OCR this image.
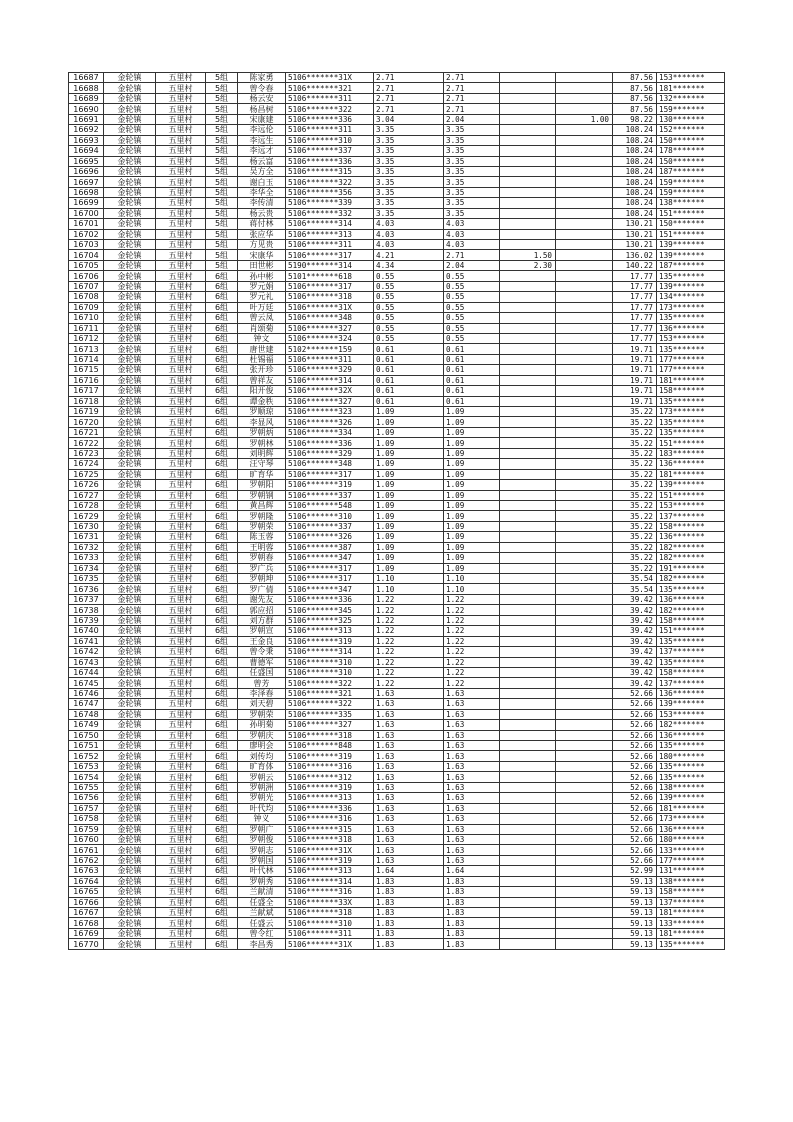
16687	金轮镇	五里村	5组	陈家勇	5106*******31X	2.71	2.71			87.56	153*******
16688	金轮镇	五里村	5组	曾令春	5106*******321	2.71	2.71			87.56	181*******
16689	金轮镇	五里村	5组	杨云安	5106*******311	2.71	2.71			87.56	132*******
16690	金轮镇	五里村	5组	杨昌树	5106*******322	2.71	2.71			87.56	159*******
16691	金轮镇	五里村	5组	宋康建	5106*******336	3.04	2.04		1.00	98.22	130*******
16692	金轮镇	五里村	5组	李远伦	5106*******311	3.35	3.35			108.24	152*******
16693	金轮镇	五里村	5组	李远生	5106*******310	3.35	3.35			108.24	150*******
16694	金轮镇	五里村	5组	李远才	5106*******337	3.35	3.35			108.24	178*******
16695	金轮镇	五里村	5组	杨云富	5106*******336	3.35	3.35			108.24	150*******
16696	金轮镇	五里村	5组	吴方全	5106*******315	3.35	3.35			108.24	187*******
16697	金轮镇	五里村	5组	谢白玉	5106*******322	3.35	3.35			108.24	159*******
16698	金轮镇	五里村	5组	李华全	5106*******356	3.35	3.35			108.24	159*******
16699	金轮镇	五里村	5组	李传清	5106*******339	3.35	3.35			108.24	138*******
16700	金轮镇	五里村	5组	杨云贵	5106*******332	3.35	3.35			108.24	151*******
16701	金轮镇	五里村	5组	蒋付林	5106*******314	4.03	4.03			130.21	150*******
16702	金轮镇	五里村	5组	张应华	5106*******313	4.03	4.03			130.21	151*******
16703	金轮镇	五里村	5组	方见贵	5106*******311	4.03	4.03			130.21	139*******
16704	金轮镇	五里村	5组	宋康华	5106*******317	4.21	2.71	1.50		136.02	139*******
16705	金轮镇	五里村	5组	田世彬	5190*******314	4.34	2.04	2.30		140.22	187*******
16706	金轮镇	五里村	6组	孙中彬	5101*******618	0.55	0.55			17.77	135*******
16707	金轮镇	五里村	6组	罗元娟	5106*******317	0.55	0.55			17.77	139*******
16708	金轮镇	五里村	6组	罗元礼	5106*******318	0.55	0.55			17.77	134*******
16709	金轮镇	五里村	6组	叶万廷	5106*******31X	0.55	0.55			17.77	173*******
16710	金轮镇	五里村	6组	曾云凤	5106*******348	0.55	0.55			17.77	135*******
16711	金轮镇	五里村	6组	肖颂菊	5106*******327	0.55	0.55			17.77	136*******
16712	金轮镇	五里村	6组	钟文	5106*******324	0.55	0.55			17.77	153*******
16713	金轮镇	五里村	6组	唐世建	5102*******159	0.61	0.61			19.71	135*******
16714	金轮镇	五里村	6组	杜锡福	5106*******311	0.61	0.61			19.71	177*******
16715	金轮镇	五里村	6组	张开珍	5106*******329	0.61	0.61			19.71	177*******
16716	金轮镇	五里村	6组	曾祥友	5106*******314	0.61	0.61			19.71	181*******
16717	金轮镇	五里村	6组	阳开俊	5106*******32X	0.61	0.61			19.71	158*******
16718	金轮镇	五里村	6组	谭金秩	5106*******327	0.61	0.61			19.71	135*******
16719	金轮镇	五里村	6组	罗顺琼	5106*******323	1.09	1.09			35.22	173*******
16720	金轮镇	五里村	6组	李显风	5106*******326	1.09	1.09			35.22	135*******
16721	金轮镇	五里村	6组	罗朝炳	5106*******334	1.09	1.09			35.22	135*******
16722	金轮镇	五里村	6组	罗朝林	5106*******336	1.09	1.09			35.22	151*******
16723	金轮镇	五里村	6组	刘明辉	5106*******329	1.09	1.09			35.22	183*******
16724	金轮镇	五里村	6组	汪守琴	5106*******348	1.09	1.09			35.22	136*******
16725	金轮镇	五里村	6组	旷育华	5106*******317	1.09	1.09			35.22	181*******
16726	金轮镇	五里村	6组	罗朝阳	5106*******319	1.09	1.09			35.22	139*******
16727	金轮镇	五里村	6组	罗朝钢	5106*******337	1.09	1.09			35.22	151*******
16728	金轮镇	五里村	6组	黄昌辉	5106*******548	1.09	1.09			35.22	153*******
16729	金轮镇	五里村	6组	罗朝隆	5106*******310	1.09	1.09			35.22	137*******
16730	金轮镇	五里村	6组	罗朝荣	5106*******337	1.09	1.09			35.22	158*******
16731	金轮镇	五里村	6组	陈玉蓉	5106*******326	1.09	1.09			35.22	136*******
16732	金轮镇	五里村	6组	王明蓉	5106*******387	1.09	1.09			35.22	182*******
16733	金轮镇	五里村	6组	罗朝春	5106*******347	1.09	1.09			35.22	182*******
16734	金轮镇	五里村	6组	罗广兵	5106*******317	1.09	1.09			35.22	191*******
16735	金轮镇	五里村	6组	罗朝坤	5106*******317	1.10	1.10			35.54	182*******
16736	金轮镇	五里村	6组	罗广倩	5106*******347	1.10	1.10			35.54	135*******
16737	金轮镇	五里村	6组	谢先友	5106*******336	1.22	1.22			39.42	136*******
16738	金轮镇	五里村	6组	郭应招	5106*******345	1.22	1.22			39.42	182*******
16739	金轮镇	五里村	6组	刘方群	5106*******325	1.22	1.22			39.42	158*******
16740	金轮镇	五里村	6组	罗朝宣	5106*******313	1.22	1.22			39.42	151*******
16741	金轮镇	五里村	6组	王金良	5106*******319	1.22	1.22			39.42	135*******
16742	金轮镇	五里村	6组	曾令秉	5106*******314	1.22	1.22			39.42	137*******
16743	金轮镇	五里村	6组	曹德军	5106*******310	1.22	1.22			39.42	135*******
16744	金轮镇	五里村	6组	任盛国	5106*******310	1.22	1.22			39.42	158*******
16745	金轮镇	五里村	6组	曾芳	5106*******322	1.22	1.22			39.42	137*******
16746	金轮镇	五里村	6组	李泽春	5106*******321	1.63	1.63			52.66	136*******
16747	金轮镇	五里村	6组	刘天碧	5106*******322	1.63	1.63			52.66	139*******
16748	金轮镇	五里村	6组	罗朝荣	5106*******335	1.63	1.63			52.66	153*******
16749	金轮镇	五里村	6组	孙明菊	5106*******327	1.63	1.63			52.66	182*******
16750	金轮镇	五里村	6组	罗朝庆	5106*******318	1.63	1.63			52.66	136*******
16751	金轮镇	五里村	6组	廖明会	5106*******848	1.63	1.63			52.66	135*******
16752	金轮镇	五里村	6组	刘传均	5106*******319	1.63	1.63			52.66	180*******
16753	金轮镇	五里村	6组	旷育体	5106*******316	1.63	1.63			52.66	135*******
16754	金轮镇	五里村	6组	罗朝云	5106*******312	1.63	1.63			52.66	135*******
16755	金轮镇	五里村	6组	罗朝洲	5106*******319	1.63	1.63			52.66	138*******
16756	金轮镇	五里村	6组	罗朝光	5106*******313	1.63	1.63			52.66	139*******
16757	金轮镇	五里村	6组	叶代均	5106*******336	1.63	1.63			52.66	181*******
16758	金轮镇	五里村	6组	钟义	5106*******316	1.63	1.63			52.66	173*******
16759	金轮镇	五里村	6组	罗朝广	5106*******315	1.63	1.63			52.66	136*******
16760	金轮镇	五里村	6组	罗朝俊	5106*******318	1.63	1.63			52.66	180*******
16761	金轮镇	五里村	6组	罗朝志	5106*******31X	1.63	1.63			52.66	133*******
16762	金轮镇	五里村	6组	罗朝国	5106*******319	1.63	1.63			52.66	177*******
16763	金轮镇	五里村	6组	叶代林	5106*******313	1.64	1.64			52.99	131*******
16764	金轮镇	五里村	6组	罗朝秀	5106*******314	1.83	1.83			59.13	138*******
16765	金轮镇	五里村	6组	兰献清	5106*******316	1.83	1.83			59.13	158*******
16766	金轮镇	五里村	6组	任盛全	5106*******33X	1.83	1.83			59.13	137*******
16767	金轮镇	五里村	6组	兰献斌	5106*******318	1.83	1.83			59.13	181*******
16768	金轮镇	五里村	6组	任盛云	5106*******310	1.83	1.83			59.13	133*******
16769	金轮镇	五里村	6组	曾令红	5106*******311	1.83	1.83			59.13	181*******
16770	金轮镇	五里村	6组	李昌秀	5106*******31X	1.83	1.83			59.13	135*******
